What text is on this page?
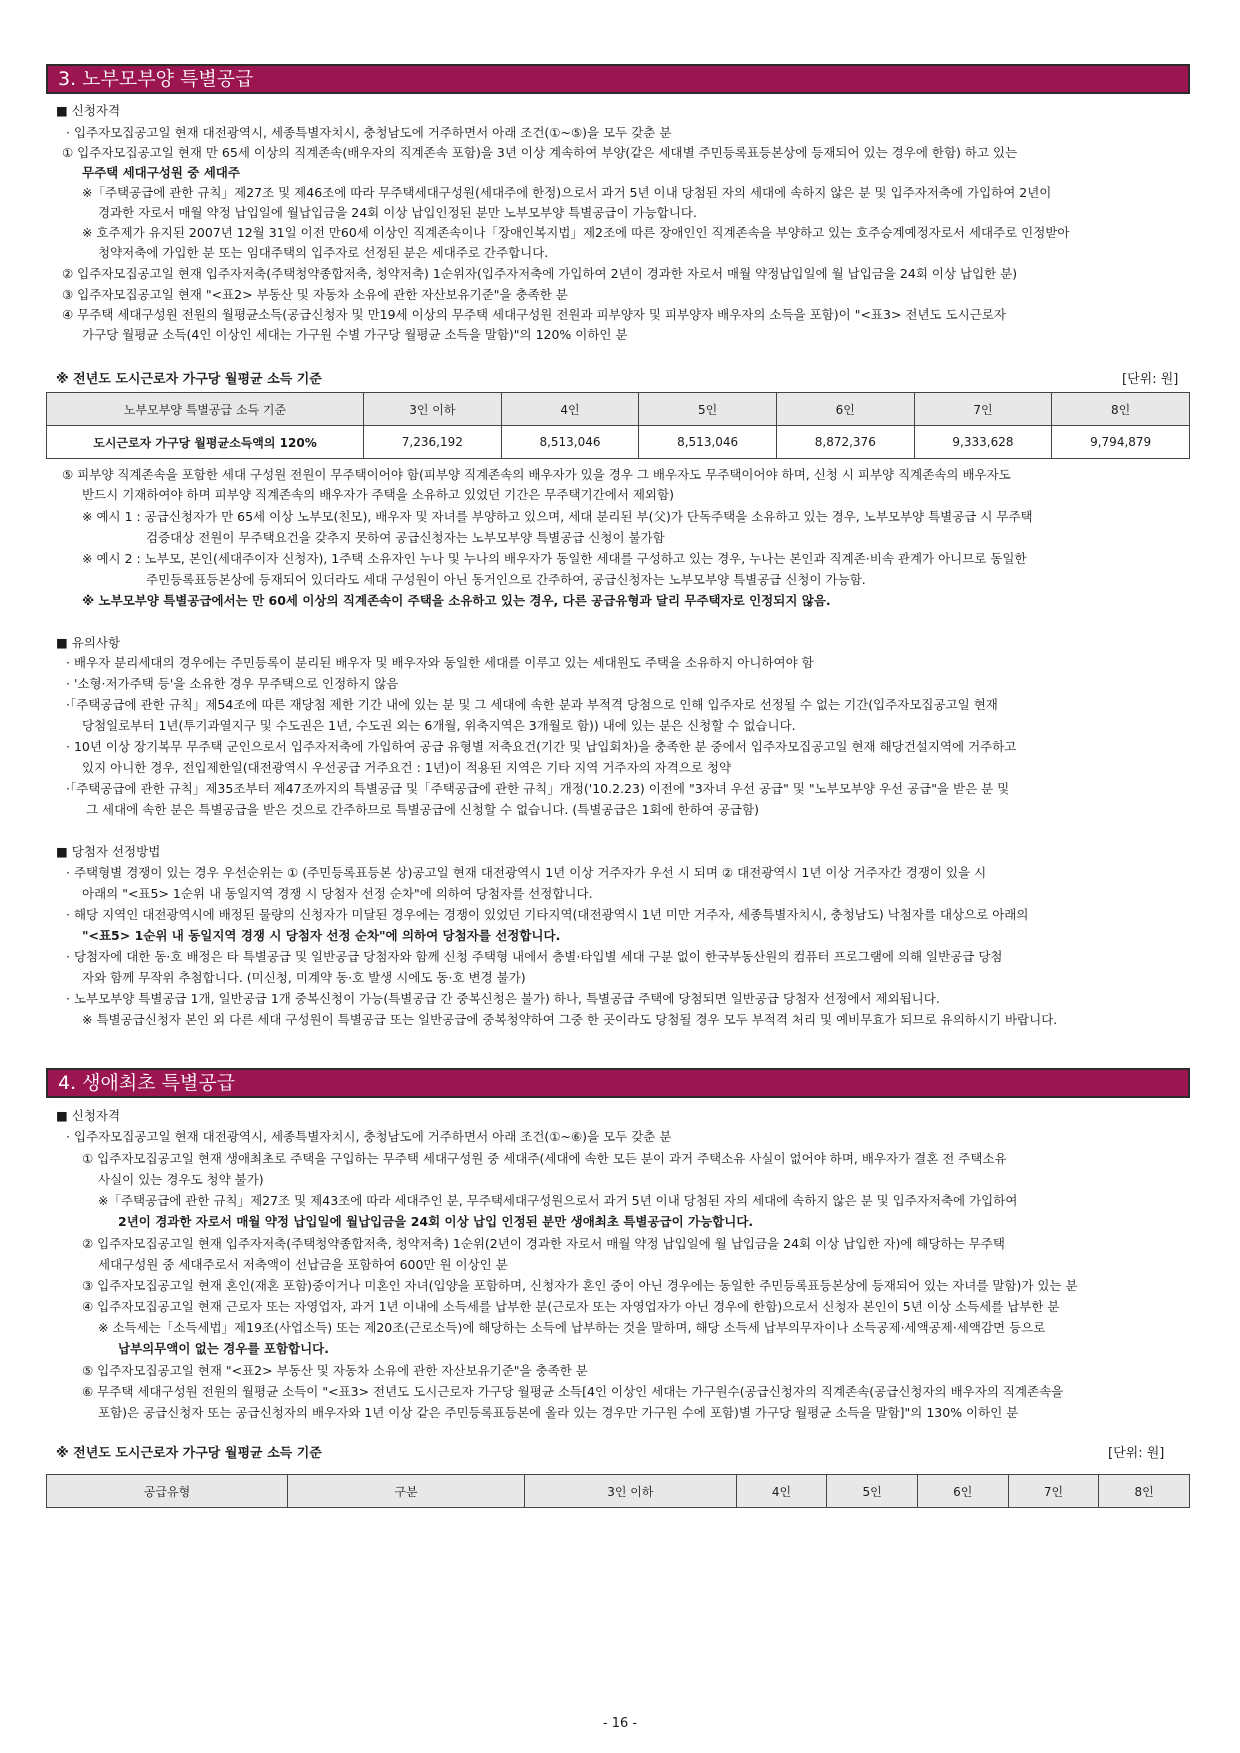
3. 노부모부양 특별공급
■ 신청자격
· 입주자모집공고일 현재 대전광역시, 세종특별자치시, 충청남도에 거주하면서 아래 조건(①~⑤)을 모두 갖춘 분
① 입주자모집공고일 현재 만 65세 이상의 직계존속(배우자의 직계존속 포함)을 3년 이상 계속하여 부양(같은 세대별 주민등록표등본상에 등재되어 있는 경우에 한함) 하고 있는
무주택 세대구성원 중 세대주
※「주택공급에 관한 규칙」제27조 및 제46조에 따라 무주택세대구성원(세대주에 한정)으로서 과거 5년 이내 당첨된 자의 세대에 속하지 않은 분 및 입주자저축에 가입하여 2년이
경과한 자로서 매월 약정 납입일에 월납입금을 24회 이상 납입인정된 분만 노부모부양 특별공급이 가능합니다.
※ 호주제가 유지된 2007년 12월 31일 이전 만60세 이상인 직계존속이나「장애인복지법」제2조에 따른 장애인인 직계존속을 부양하고 있는 호주승계예정자로서 세대주로 인정받아
청약저축에 가입한 분 또는 임대주택의 입주자로 선정된 분은 세대주로 간주합니다.
② 입주자모집공고일 현재 입주자저축(주택청약종합저축, 청약저축) 1순위자(입주자저축에 가입하여 2년이 경과한 자로서 매월 약정납입일에 월 납입금을 24회 이상 납입한 분)
③ 입주자모집공고일 현재 "<표2> 부동산 및 자동차 소유에 관한 자산보유기준"을 충족한 분
④ 무주택 세대구성원 전원의 월평균소득(공급신청자 및 만19세 이상의 무주택 세대구성원 전원과 피부양자 및 피부양자 배우자의 소득을 포함)이 "<표3> 전년도 도시근로자
가구당 월평균 소득(4인 이상인 세대는 가구원 수별 가구당 월평균 소득을 말함)"의 120% 이하인 분
※ 전년도 도시근로자 가구당 월평균 소득 기준	[단위: 원]
노부모부양 특별공급 소득 기준	3인 이하	4인	5인	6인	7인	8인
도시근로자 가구당 월평균소득액의 120%	7,236,192	8,513,046	8,513,046	8,872,376	9,333,628	9,794,879
⑤ 피부양 직계존속을 포함한 세대 구성원 전원이 무주택이어야 함(피부양 직계존속의 배우자가 있을 경우 그 배우자도 무주택이어야 하며, 신청 시 피부양 직계존속의 배우자도
반드시 기재하여야 하며 피부양 직계존속의 배우자가 주택을 소유하고 있었던 기간은 무주택기간에서 제외함)
※ 예시 1 : 공급신청자가 만 65세 이상 노부모(친모), 배우자 및 자녀를 부양하고 있으며, 세대 분리된 부(父)가 단독주택을 소유하고 있는 경우, 노부모부양 특별공급 시 무주택
검증대상 전원이 무주택요건을 갖추지 못하여 공급신청자는 노부모부양 특별공급 신청이 불가함
※ 예시 2 : 노부모, 본인(세대주이자 신청자), 1주택 소유자인 누나 및 누나의 배우자가 동일한 세대를 구성하고 있는 경우, 누나는 본인과 직계존·비속 관계가 아니므로 동일한
주민등록표등본상에 등재되어 있더라도 세대 구성원이 아닌 동거인으로 간주하여, 공급신청자는 노부모부양 특별공급 신청이 가능함.
※ 노부모부양 특별공급에서는 만 60세 이상의 직계존속이 주택을 소유하고 있는 경우, 다른 공급유형과 달리 무주택자로 인정되지 않음.
■ 유의사항
· 배우자 분리세대의 경우에는 주민등록이 분리된 배우자 및 배우자와 동일한 세대를 이루고 있는 세대원도 주택을 소유하지 아니하여야 함
· '소형·저가주택 등'을 소유한 경우 무주택으로 인정하지 않음
·「주택공급에 관한 규칙」제54조에 따른 재당첨 제한 기간 내에 있는 분 및 그 세대에 속한 분과 부적격 당첨으로 인해 입주자로 선정될 수 없는 기간(입주자모집공고일 현재
당첨일로부터 1년(투기과열지구 및 수도권은 1년, 수도권 외는 6개월, 위축지역은 3개월로 함)) 내에 있는 분은 신청할 수 없습니다.
· 10년 이상 장기복무 무주택 군인으로서 입주자저축에 가입하여 공급 유형별 저축요건(기간 및 납입회차)을 충족한 분 중에서 입주자모집공고일 현재 해당건설지역에 거주하고
있지 아니한 경우, 전입제한일(대전광역시 우선공급 거주요건 : 1년)이 적용된 지역은 기타 지역 거주자의 자격으로 청약
·「주택공급에 관한 규칙」제35조부터 제47조까지의 특별공급 및「주택공급에 관한 규칙」개정('10.2.23) 이전에 "3자녀 우선 공급" 및 "노부모부양 우선 공급"을 받은 분 및
그 세대에 속한 분은 특별공급을 받은 것으로 간주하므로 특별공급에 신청할 수 없습니다. (특별공급은 1회에 한하여 공급함)
■ 당첨자 선정방법
· 주택형별 경쟁이 있는 경우 우선순위는 ① (주민등록표등본 상)공고일 현재 대전광역시 1년 이상 거주자가 우선 시 되며 ② 대전광역시 1년 이상 거주자간 경쟁이 있을 시
아래의 "<표5> 1순위 내 동일지역 경쟁 시 당첨자 선정 순차"에 의하여 당첨자를 선정합니다.
· 해당 지역인 대전광역시에 배정된 물량의 신청자가 미달된 경우에는 경쟁이 있었던 기타지역(대전광역시 1년 미만 거주자, 세종특별자치시, 충청남도) 낙첨자를 대상으로 아래의
"<표5> 1순위 내 동일지역 경쟁 시 당첨자 선정 순차"에 의하여 당첨자를 선정합니다.
· 당첨자에 대한 동·호 배정은 타 특별공급 및 일반공급 당첨자와 함께 신청 주택형 내에서 층별·타입별 세대 구분 없이 한국부동산원의 컴퓨터 프로그램에 의해 일반공급 당첨
자와 함께 무작위 추첨합니다. (미신청, 미계약 동·호 발생 시에도 동·호 변경 불가)
· 노부모부양 특별공급 1개, 일반공급 1개 중복신청이 가능(특별공급 간 중복신청은 불가) 하나, 특별공급 주택에 당첨되면 일반공급 당첨자 선정에서 제외됩니다.
※ 특별공급신청자 본인 외 다른 세대 구성원이 특별공급 또는 일반공급에 중복청약하여 그중 한 곳이라도 당첨될 경우 모두 부적격 처리 및 예비무효가 되므로 유의하시기 바랍니다.
4. 생애최초 특별공급
■ 신청자격
· 입주자모집공고일 현재 대전광역시, 세종특별자치시, 충청남도에 거주하면서 아래 조건(①~⑥)을 모두 갖춘 분
① 입주자모집공고일 현재 생애최초로 주택을 구입하는 무주택 세대구성원 중 세대주(세대에 속한 모든 분이 과거 주택소유 사실이 없어야 하며, 배우자가 결혼 전 주택소유
사실이 있는 경우도 청약 불가)
※「주택공급에 관한 규칙」제27조 및 제43조에 따라 세대주인 분, 무주택세대구성원으로서 과거 5년 이내 당첨된 자의 세대에 속하지 않은 분 및 입주자저축에 가입하여
2년이 경과한 자로서 매월 약정 납입일에 월납입금을 24회 이상 납입 인정된 분만 생애최초 특별공급이 가능합니다.
② 입주자모집공고일 현재 입주자저축(주택청약종합저축, 청약저축) 1순위(2년이 경과한 자로서 매월 약정 납입일에 월 납입금을 24회 이상 납입한 자)에 해당하는 무주택
세대구성원 중 세대주로서 저축액이 선납금을 포함하여 600만 원 이상인 분
③ 입주자모집공고일 현재 혼인(재혼 포함)중이거나 미혼인 자녀(입양을 포함하며, 신청자가 혼인 중이 아닌 경우에는 동일한 주민등록표등본상에 등재되어 있는 자녀를 말함)가 있는 분
④ 입주자모집공고일 현재 근로자 또는 자영업자, 과거 1년 이내에 소득세를 납부한 분(근로자 또는 자영업자가 아닌 경우에 한함)으로서 신청자 본인이 5년 이상 소득세를 납부한 분
※ 소득세는「소득세법」제19조(사업소득) 또는 제20조(근로소득)에 해당하는 소득에 납부하는 것을 말하며, 해당 소득세 납부의무자이나 소득공제·세액공제·세액감면 등으로
납부의무액이 없는 경우를 포함합니다.
⑤ 입주자모집공고일 현재 "<표2> 부동산 및 자동차 소유에 관한 자산보유기준"을 충족한 분
⑥ 무주택 세대구성원 전원의 월평균 소득이 "<표3> 전년도 도시근로자 가구당 월평균 소득[4인 이상인 세대는 가구원수(공급신청자의 직계존속(공급신청자의 배우자의 직계존속을
포함)은 공급신청자 또는 공급신청자의 배우자와 1년 이상 같은 주민등록표등본에 올라 있는 경우만 가구원 수에 포함)별 가구당 월평균 소득을 말함]"의 130% 이하인 분
※ 전년도 도시근로자 가구당 월평균 소득 기준	[단위: 원]
공급유형	구분	3인 이하	4인	5인	6인	7인	8인
- 16 -
